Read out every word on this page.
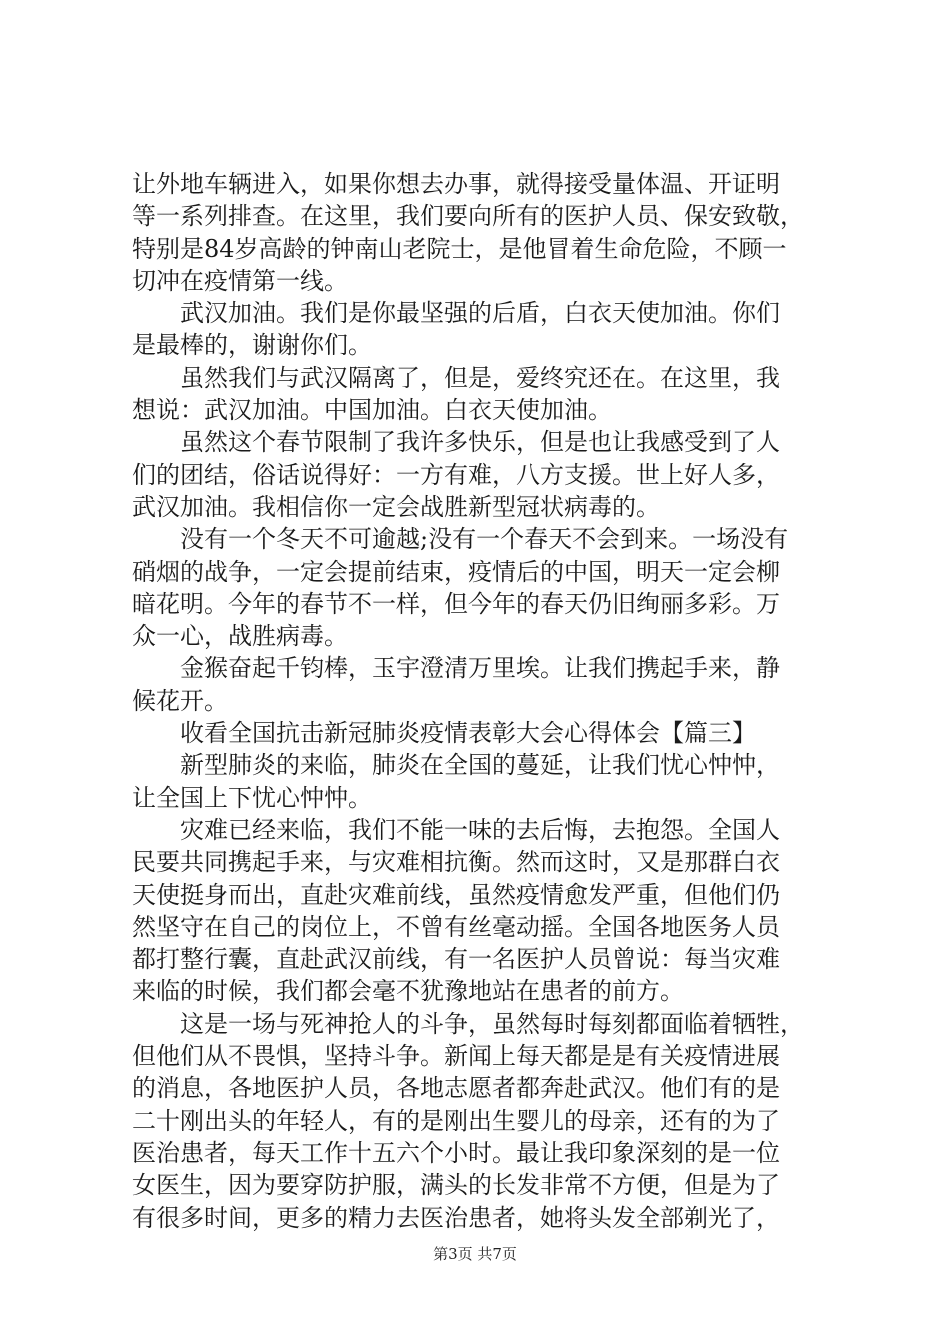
让外地车辆进入，如果你想去办事，就得接受量体温、开证明
等一系列排查。在这里，我们要向所有的医护人员、保安致敬，
特别是84岁高龄的钟南山老院士，是他冒着生命危险，不顾一
切冲在疫情第一线。
武汉加油。我们是你最坚强的后盾，白衣天使加油。你们
是最棒的，谢谢你们。
虽然我们与武汉隔离了，但是，爱终究还在。在这里，我
想说：武汉加油。中国加油。白衣天使加油。
虽然这个春节限制了我许多快乐，但是也让我感受到了人
们的团结，俗话说得好：一方有难，八方支援。世上好人多，
武汉加油。我相信你一定会战胜新型冠状病毒的。
没有一个冬天不可逾越;没有一个春天不会到来。一场没有
硝烟的战争，一定会提前结束，疫情后的中国，明天一定会柳
暗花明。今年的春节不一样，但今年的春天仍旧绚丽多彩。万
众一心，战胜病毒。
金猴奋起千钧棒，玉宇澄清万里埃。让我们携起手来，静
候花开。
收看全国抗击新冠肺炎疫情表彰大会心得体会【篇三】
新型肺炎的来临，肺炎在全国的蔓延，让我们忧心忡忡，
让全国上下忧心忡忡。
灾难已经来临，我们不能一味的去后悔，去抱怨。全国人
民要共同携起手来，与灾难相抗衡。然而这时，又是那群白衣
天使挺身而出，直赴灾难前线，虽然疫情愈发严重，但他们仍
然坚守在自己的岗位上，不曾有丝毫动摇。全国各地医务人员
都打整行囊，直赴武汉前线，有一名医护人员曾说：每当灾难
来临的时候，我们都会毫不犹豫地站在患者的前方。
这是一场与死神抢人的斗争，虽然每时每刻都面临着牺牲，
但他们从不畏惧，坚持斗争。新闻上每天都是是有关疫情进展
的消息，各地医护人员，各地志愿者都奔赴武汉。他们有的是
二十刚出头的年轻人，有的是刚出生婴儿的母亲，还有的为了
医治患者，每天工作十五六个小时。最让我印象深刻的是一位
女医生，因为要穿防护服，满头的长发非常不方便，但是为了
有很多时间，更多的精力去医治患者，她将头发全部剃光了，
第3页 共7页
